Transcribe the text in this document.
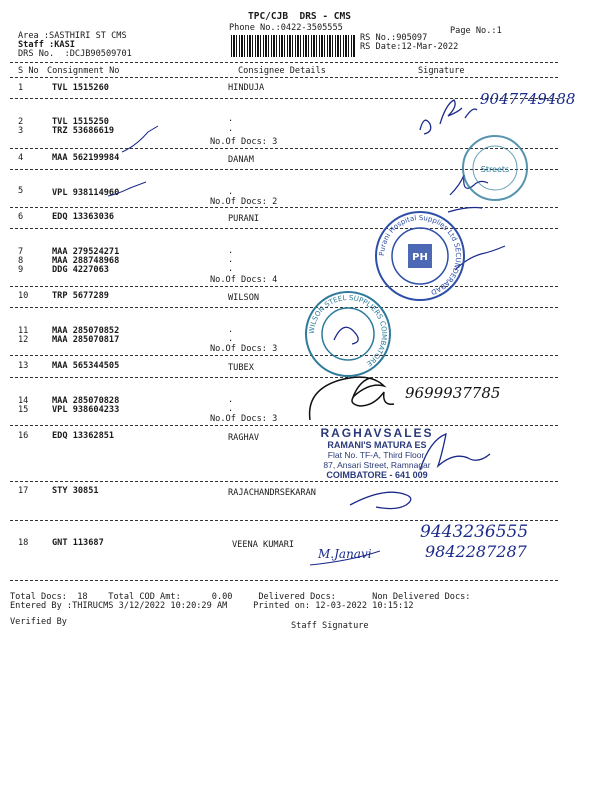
TPC/CJB  DRS - CMS
Phone No.:0422-3505555	Page No.:1
Area :SASTHIRI ST CMS
Staff :KASI
DRS No.  :DCJB90509701
RS No.:905097
RS Date:12-Mar-2022
S No Consignment No	Consignee Details	Signature
1	TVL 1515260	HINDUJA
2	TVL 1515250
3	TRZ 53686619
.
.
No.Of Docs: 3
4	MAA 562199984	DANAM
5	VPL 938114960	.
No.Of Docs: 2
6	EDQ 13363036	PURANI
7	MAA 279524271
8	MAA 288748968
9	DDG 4227063
.
.
.
No.Of Docs: 4
10	TRP 5677289	WILSON
11	MAA 285070852
12	MAA 285070817
.
.
No.Of Docs: 3
13	MAA 565344505	TUBEX
14	MAA 285070828
15	VPL 938604233
.
.
No.Of Docs: 3
16	EDQ 13362851	RAGHAV
17	STY 30851	RAJACHANDRSEKARAN
18	GNT 113687	VEENA KUMARI
Total Docs:  18    Total COD Amt:      0.00     Delivered Docs:       Non Delivered Docs:
Entered By :THIRUCMS 3/12/2022 10:20:29 AM     Printed on: 12-03-2022 10:15:12
Verified By	Staff Signature
9047749488
9699937785
9443236555
9842287287
M.Janavi
RAGHAVSALES
RAMANI'S MATURA ES
Flat No. TF-A, Third Floor,
87, Ansari Street, Ramnagar
COIMBATORE - 641 009
Streets
Purani Hospital Supplies Ltd SECUNDERABAD
PH
WILSON STEEL SUPPLIERS COIMBATORE
